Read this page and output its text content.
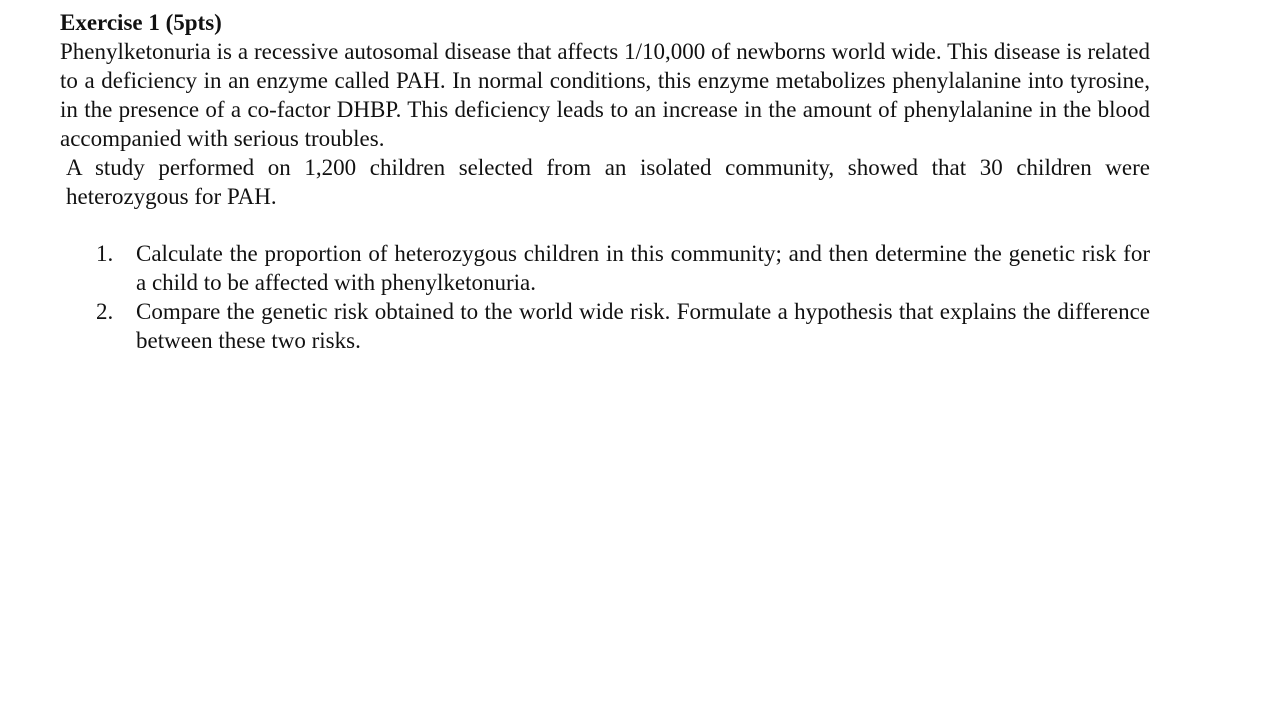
Exercise 1 (5pts)

Phenylketonuria is a recessive autosomal disease that affects 1/10,000 of newborns world wide. This disease is related to a deficiency in an enzyme called PAH. In normal conditions, this enzyme metabolizes phenylalanine into tyrosine, in the presence of a co-factor DHBP. This deficiency leads to an increase in the amount of phenylalanine in the blood accompanied with serious troubles.

A study performed on 1,200 children selected from an isolated community, showed that 30 children were heterozygous for PAH.

1. Calculate the proportion of heterozygous children in this community; and then determine the genetic risk for a child to be affected with phenylketonuria.
2. Compare the genetic risk obtained to the world wide risk. Formulate a hypothesis that explains the difference between these two risks.
